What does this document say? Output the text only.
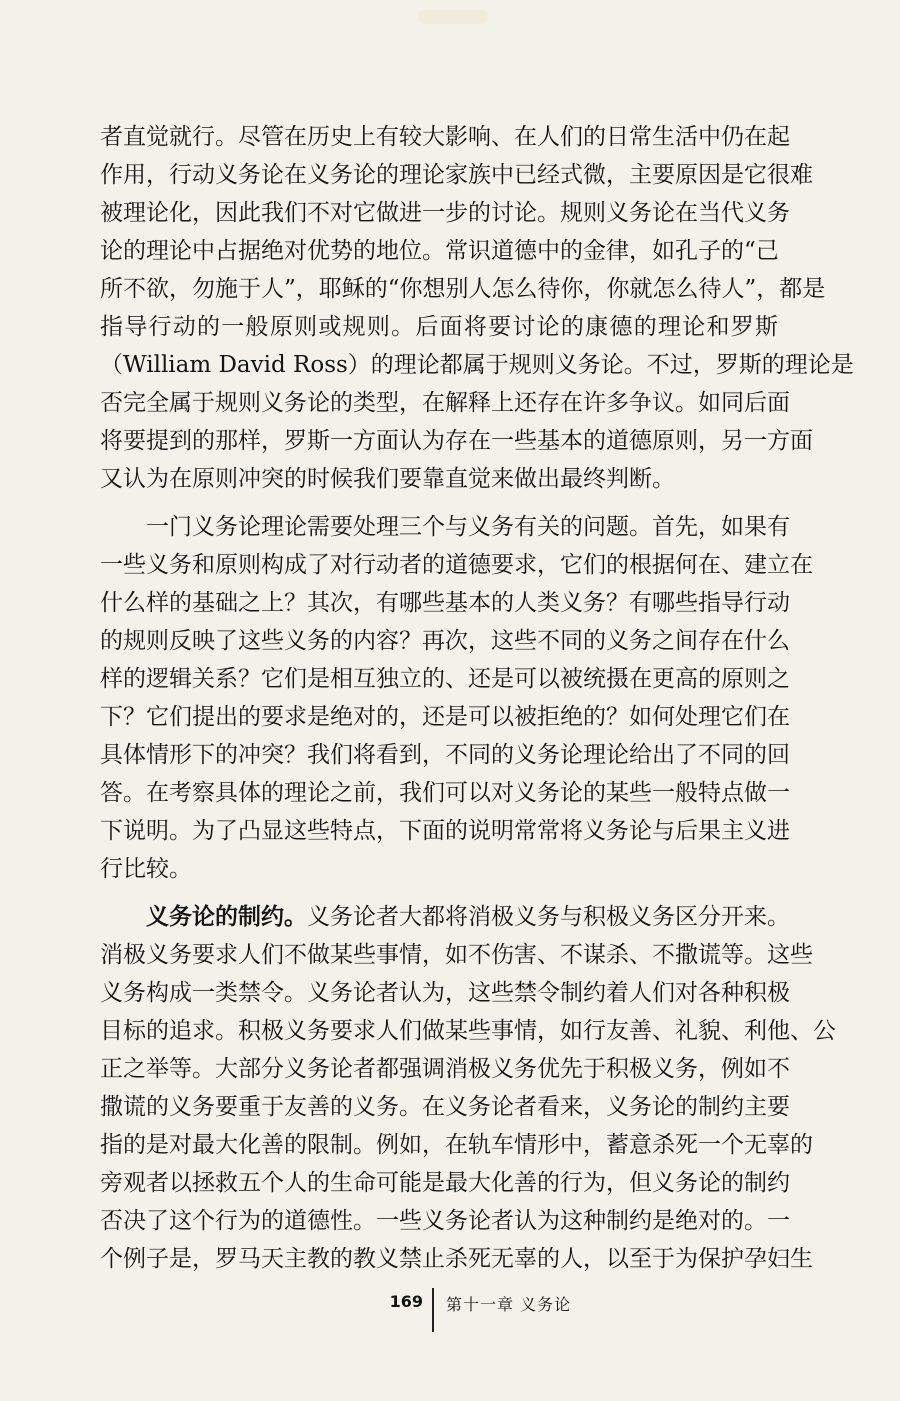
者直觉就行。尽管在历史上有较大影响、在人们的日常生活中仍在起
作用，行动义务论在义务论的理论家族中已经式微，主要原因是它很难
被理论化，因此我们不对它做进一步的讨论。规则义务论在当代义务
论的理论中占据绝对优势的地位。常识道德中的金律，如孔子的“己
所不欲，勿施于人”，耶稣的“你想别人怎么待你，你就怎么待人”，都是
指导行动的一般原则或规则。后面将要讨论的康德的理论和罗斯
（William David Ross）的理论都属于规则义务论。不过，罗斯的理论是
否完全属于规则义务论的类型，在解释上还存在许多争议。如同后面
将要提到的那样，罗斯一方面认为存在一些基本的道德原则，另一方面
又认为在原则冲突的时候我们要靠直觉来做出最终判断。
一门义务论理论需要处理三个与义务有关的问题。首先，如果有
一些义务和原则构成了对行动者的道德要求，它们的根据何在、建立在
什么样的基础之上？其次，有哪些基本的人类义务？有哪些指导行动
的规则反映了这些义务的内容？再次，这些不同的义务之间存在什么
样的逻辑关系？它们是相互独立的、还是可以被统摄在更高的原则之
下？它们提出的要求是绝对的，还是可以被拒绝的？如何处理它们在
具体情形下的冲突？我们将看到，不同的义务论理论给出了不同的回
答。在考察具体的理论之前，我们可以对义务论的某些一般特点做一
下说明。为了凸显这些特点，下面的说明常常将义务论与后果主义进
行比较。
义务论的制约。义务论者大都将消极义务与积极义务区分开来。
消极义务要求人们不做某些事情，如不伤害、不谋杀、不撒谎等。这些
义务构成一类禁令。义务论者认为，这些禁令制约着人们对各种积极
目标的追求。积极义务要求人们做某些事情，如行友善、礼貌、利他、公
正之举等。大部分义务论者都强调消极义务优先于积极义务，例如不
撒谎的义务要重于友善的义务。在义务论者看来，义务论的制约主要
指的是对最大化善的限制。例如，在轨车情形中，蓄意杀死一个无辜的
旁观者以拯救五个人的生命可能是最大化善的行为，但义务论的制约
否决了这个行为的道德性。一些义务论者认为这种制约是绝对的。一
个例子是，罗马天主教的教义禁止杀死无辜的人，以至于为保护孕妇生
169 第十一章 义务论
